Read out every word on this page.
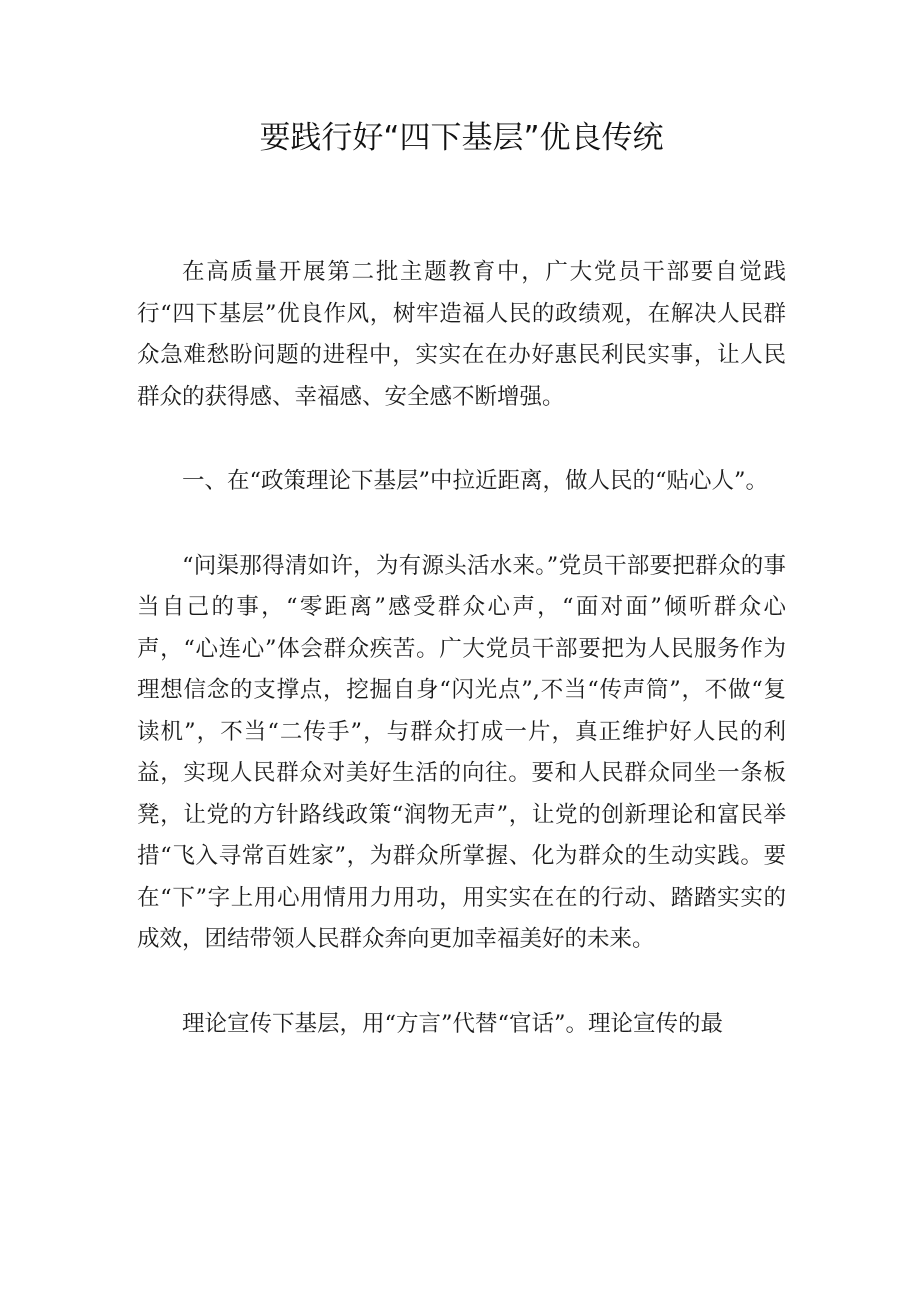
要践行好“四下基层”优良传统

在高质量开展第二批主题教育中，广大党员干部要自觉践行“四下基层”优良作风，树牢造福人民的政绩观，在解决人民群众急难愁盼问题的进程中，实实在在办好惠民利民实事，让人民群众的获得感、幸福感、安全感不断增强。

一、在“政策理论下基层”中拉近距离，做人民的“贴心人”。

“问渠那得清如许，为有源头活水来。”党员干部要把群众的事当自己的事，“零距离”感受群众心声，“面对面”倾听群众心声，“心连心”体会群众疾苦。广大党员干部要把为人民服务作为理想信念的支撑点，挖掘自身“闪光点”,不当“传声筒”，不做“复读机”，不当“二传手”，与群众打成一片，真正维护好人民的利益，实现人民群众对美好生活的向往。要和人民群众同坐一条板凳，让党的方针路线政策“润物无声”，让党的创新理论和富民举措“飞入寻常百姓家”，为群众所掌握、化为群众的生动实践。要在“下”字上用心用情用力用功，用实实在在的行动、踏踏实实的成效，团结带领人民群众奔向更加幸福美好的未来。

理论宣传下基层，用“方言”代替“官话”。理论宣传的最
